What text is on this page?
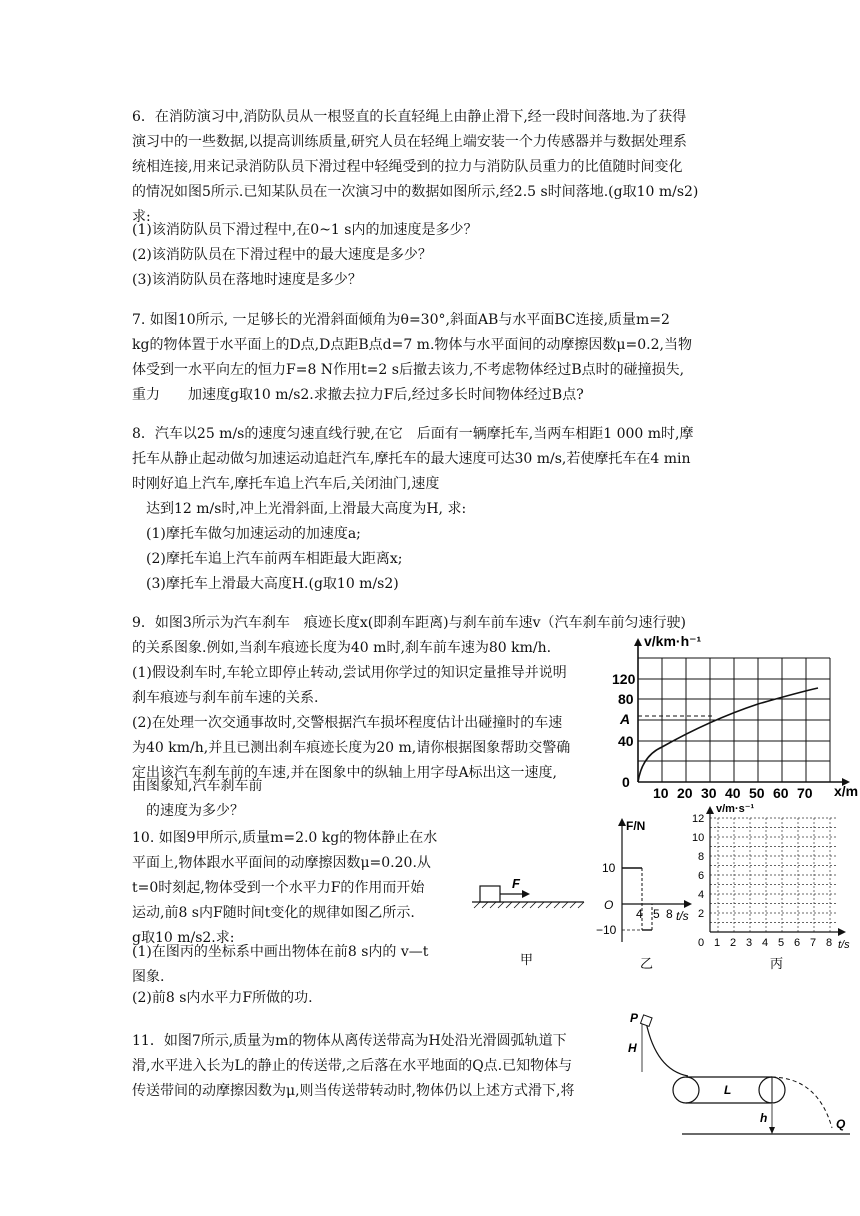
6．在消防演习中,消防队员从一根竖直的长直轻绳上由静止滑下,经一段时间落地.为了获得
演习中的一些数据,以提高训练质量,研究人员在轻绳上端安装一个力传感器并与数据处理系
统相连接,用来记录消防队员下滑过程中轻绳受到的拉力与消防队员重力的比值随时间变化
的情况如图5所示.已知某队员在一次演习中的数据如图所示,经2.5 s时间落地.(g取10 m/s2)
求:
(1)该消防队员下滑过程中,在0~1 s内的加速度是多少？
(2)该消防队员在下滑过程中的最大速度是多少？
(3)该消防队员在落地时速度是多少？
7. 如图10所示, 一足够长的光滑斜面倾角为θ=30°,斜面AB与水平面BC连接,质量m=2
kg的物体置于水平面上的D点,D点距B点d=7 m.物体与水平面间的动摩擦因数μ=0.2,当物
体受到一水平向左的恒力F=8 N作用t=2 s后撤去该力,不考虑物体经过B点时的碰撞损失,
重力　　加速度g取10 m/s2.求撤去拉力F后,经过多长时间物体经过B点?
8．汽车以25 m/s的速度匀速直线行驶,在它　后面有一辆摩托车,当两车相距1 000 m时,摩
托车从静止起动做匀加速运动追赶汽车,摩托车的最大速度可达30 m/s,若使摩托车在4 min
时刚好追上汽车,摩托车追上汽车后,关闭油门,速度
　达到12 m/s时,冲上光滑斜面,上滑最大高度为H, 求:
　(1)摩托车做匀加速运动的加速度a;
　(2)摩托车追上汽车前两车相距最大距离x;
　(3)摩托车上滑最大高度H.(g取10 m/s2)
9．如图3所示为汽车刹车　痕迹长度x(即刹车距离)与刹车前车速v（汽车刹车前匀速行驶)
的关系图象.例如,当刹车痕迹长度为40 m时,刹车前车速为80 km/h.
(1)假设刹车时,车轮立即停止转动,尝试用你学过的知识定量推导并说明
刹车痕迹与刹车前车速的关系.
(2)在处理一次交通事故时,交警根据汽车损坏程度估计出碰撞时的车速
为40 km/h,并且已测出刹车痕迹长度为20 m,请你根据图象帮助交警确
定出该汽车刹车前的车速,并在图象中的纵轴上用字母A标出这一速度,
由图象知,汽车刹车前
　的速度为多少？
v/km·h⁻¹
x/m
0
40
80
120
A
10 20 30 40 50 60 70
10. 如图9甲所示,质量m=2.0 kg的物体静止在水
平面上,物体跟水平面间的动摩擦因数μ=0.20.从
t=0时刻起,物体受到一个水平力F的作用而开始
运动,前8 s内F随时间t变化的规律如图乙所示.
g取10 m/s2.求:
(1)在图丙的坐标系中画出物体在前8 s内的 v—t
图象.
(2)前8 s内水平力F所做的功.
F
甲
F/N
t/s
O
10
−10
4 5 8
乙
v/m·s⁻¹
t/s
0
2
4
6
8
10
12
1 2 3 4 5 6 7 8
丙
11．如图7所示,质量为m的物体从离传送带高为H处沿光滑圆弧轨道下
滑,水平进入长为L的静止的传送带,之后落在水平地面的Q点.已知物体与
传送带间的动摩擦因数为μ,则当传送带转动时,物体仍以上述方式滑下,将
P
H
L
h	Q
